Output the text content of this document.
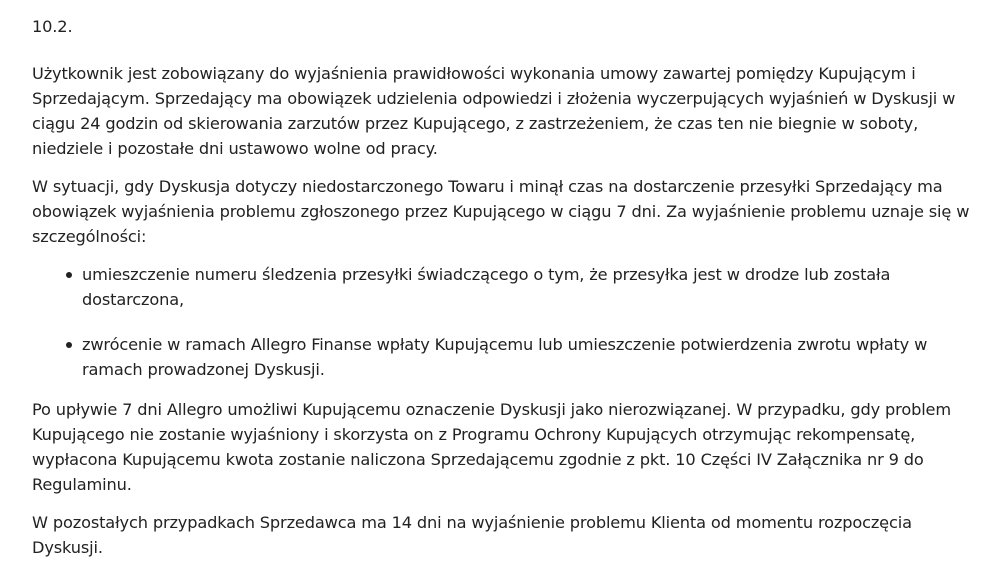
10.2.

Użytkownik jest zobowiązany do wyjaśnienia prawidłowości wykonania umowy zawartej pomiędzy Kupującym i Sprzedającym. Sprzedający ma obowiązek udzielenia odpowiedzi i złożenia wyczerpujących wyjaśnień w Dyskusji w ciągu 24 godzin od skierowania zarzutów przez Kupującego, z zastrzeżeniem, że czas ten nie biegnie w soboty, niedziele i pozostałe dni ustawowo wolne od pracy.

W sytuacji, gdy Dyskusja dotyczy niedostarczonego Towaru i minął czas na dostarczenie przesyłki Sprzedający ma obowiązek wyjaśnienia problemu zgłoszonego przez Kupującego w ciągu 7 dni. Za wyjaśnienie problemu uznaje się w szczególności:

umieszczenie numeru śledzenia przesyłki świadczącego o tym, że przesyłka jest w drodze lub została dostarczona,
zwrócenie w ramach Allegro Finanse wpłaty Kupującemu lub umieszczenie potwierdzenia zwrotu wpłaty w ramach prowadzonej Dyskusji.

Po upływie 7 dni Allegro umożliwi Kupującemu oznaczenie Dyskusji jako nierozwiązanej. W przypadku, gdy problem Kupującego nie zostanie wyjaśniony i skorzysta on z Programu Ochrony Kupujących otrzymując rekompensatę, wypłacona Kupującemu kwota zostanie naliczona Sprzedającemu zgodnie z pkt. 10 Części IV Załącznika nr 9 do Regulaminu.

W pozostałych przypadkach Sprzedawca ma 14 dni na wyjaśnienie problemu Klienta od momentu rozpoczęcia Dyskusji.
